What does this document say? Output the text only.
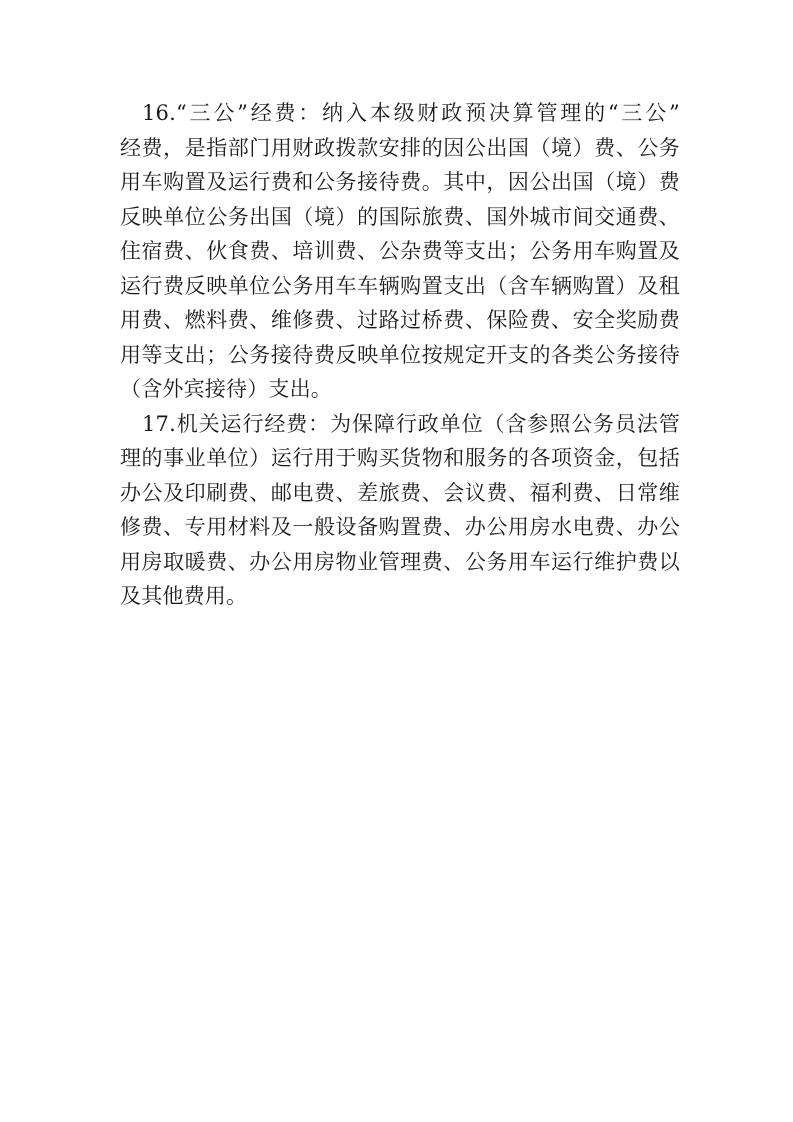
16.“三公”经费：纳入本级财政预决算管理的“三公”
经费，是指部门用财政拨款安排的因公出国（境）费、公务
用车购置及运行费和公务接待费。其中，因公出国（境）费
反映单位公务出国（境）的国际旅费、国外城市间交通费、
住宿费、伙食费、培训费、公杂费等支出；公务用车购置及
运行费反映单位公务用车车辆购置支出（含车辆购置）及租
用费、燃料费、维修费、过路过桥费、保险费、安全奖励费
用等支出；公务接待费反映单位按规定开支的各类公务接待
（含外宾接待）支出。
17.机关运行经费：为保障行政单位（含参照公务员法管
理的事业单位）运行用于购买货物和服务的各项资金，包括
办公及印刷费、邮电费、差旅费、会议费、福利费、日常维
修费、专用材料及一般设备购置费、办公用房水电费、办公
用房取暖费、办公用房物业管理费、公务用车运行维护费以
及其他费用。
